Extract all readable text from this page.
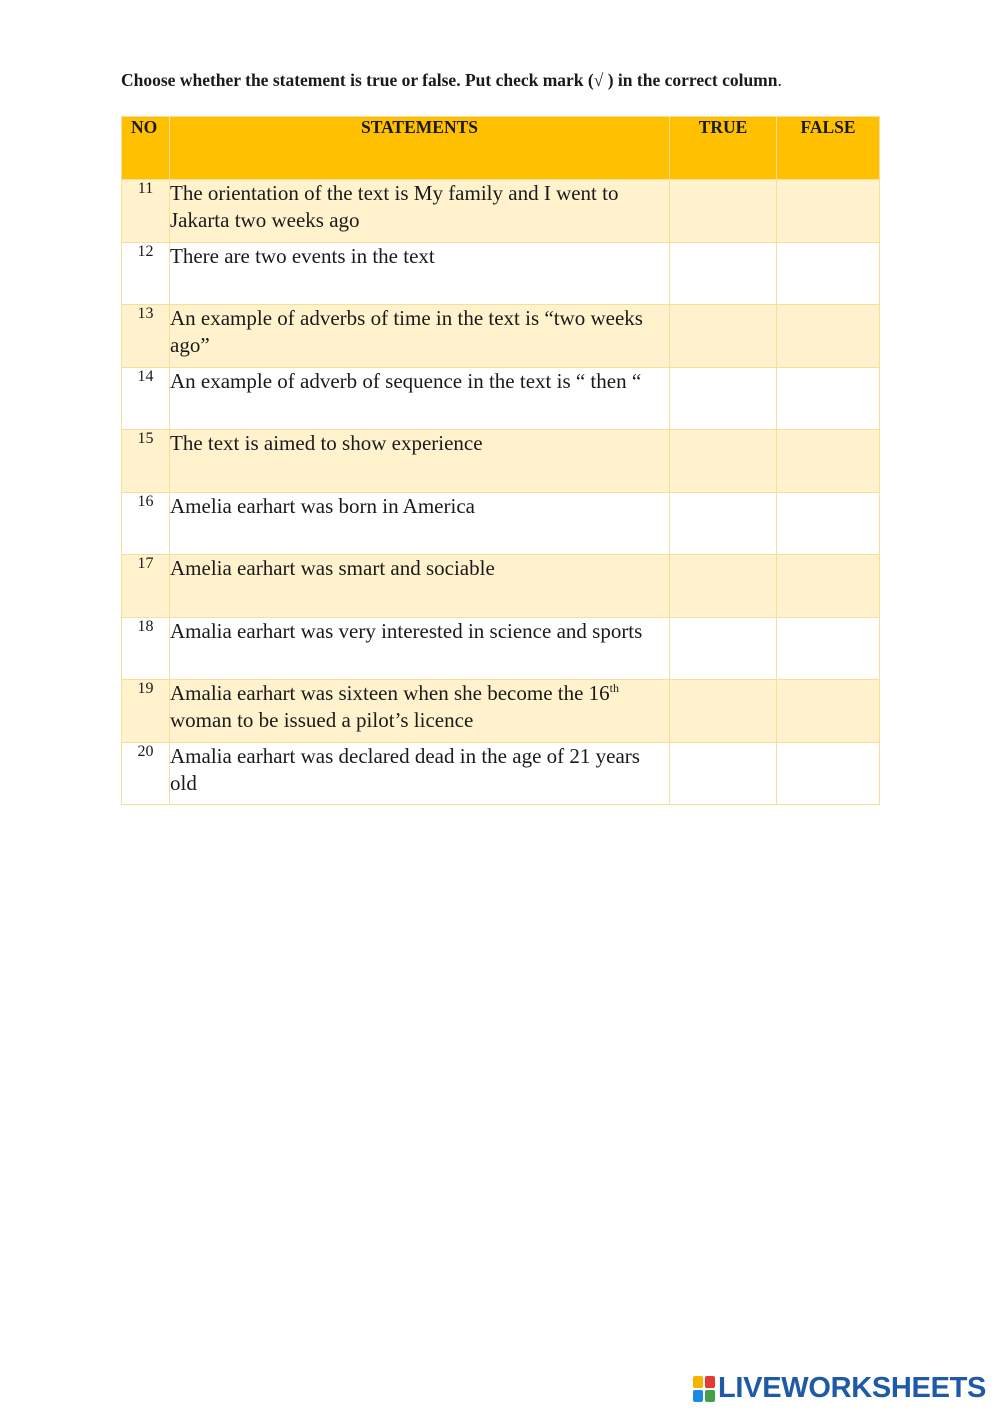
Choose whether the statement is true or false. Put check mark (√ ) in the correct column.
NO	STATEMENTS	TRUE	FALSE
11	The orientation of the text is My family and I went to Jakarta two weeks ago		
12	There are two events in the text		
13	An example of adverbs of time in the text is “two weeks ago”		
14	An example of adverb of sequence in the text is “ then “		
15	The text is aimed to show experience		
16	Amelia earhart was born in America		
17	Amelia earhart was smart and sociable		
18	Amalia earhart was very interested in science and sports		
19	Amalia earhart was sixteen when she become the 16th woman to be issued a pilot’s licence		
20	Amalia earhart was declared dead in the age of 21 years old		
LIVEWORKSHEETS
